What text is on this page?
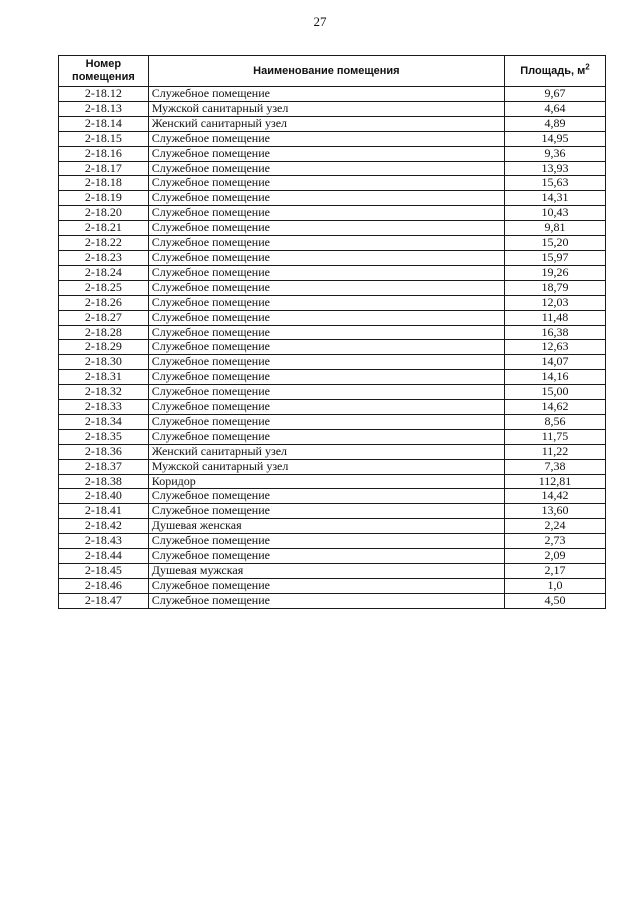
27
Номер
помещения	Наименование помещения	Площадь, $м^2$
2-18.12	Служебное помещение	9,67
2-18.13	Мужской санитарный узел	4,64
2-18.14	Женский санитарный узел	4,89
2-18.15	Служебное помещение	14,95
2-18.16	Служебное помещение	9,36
2-18.17	Служебное помещение	13,93
2-18.18	Служебное помещение	15,63
2-18.19	Служебное помещение	14,31
2-18.20	Служебное помещение	10,43
2-18.21	Служебное помещение	9,81
2-18.22	Служебное помещение	15,20
2-18.23	Служебное помещение	15,97
2-18.24	Служебное помещение	19,26
2-18.25	Служебное помещение	18,79
2-18.26	Служебное помещение	12,03
2-18.27	Служебное помещение	11,48
2-18.28	Служебное помещение	16,38
2-18.29	Служебное помещение	12,63
2-18.30	Служебное помещение	14,07
2-18.31	Служебное помещение	14,16
2-18.32	Служебное помещение	15,00
2-18.33	Служебное помещение	14,62
2-18.34	Служебное помещение	8,56
2-18.35	Служебное помещение	11,75
2-18.36	Женский санитарный узел	11,22
2-18.37	Мужской санитарный узел	7,38
2-18.38	Коридор	112,81
2-18.40	Служебное помещение	14,42
2-18.41	Служебное помещение	13,60
2-18.42	Душевая женская	2,24
2-18.43	Служебное помещение	2,73
2-18.44	Служебное помещение	2,09
2-18.45	Душевая мужская	2,17
2-18.46	Служебное помещение	1,0
2-18.47	Служебное помещение	4,50
